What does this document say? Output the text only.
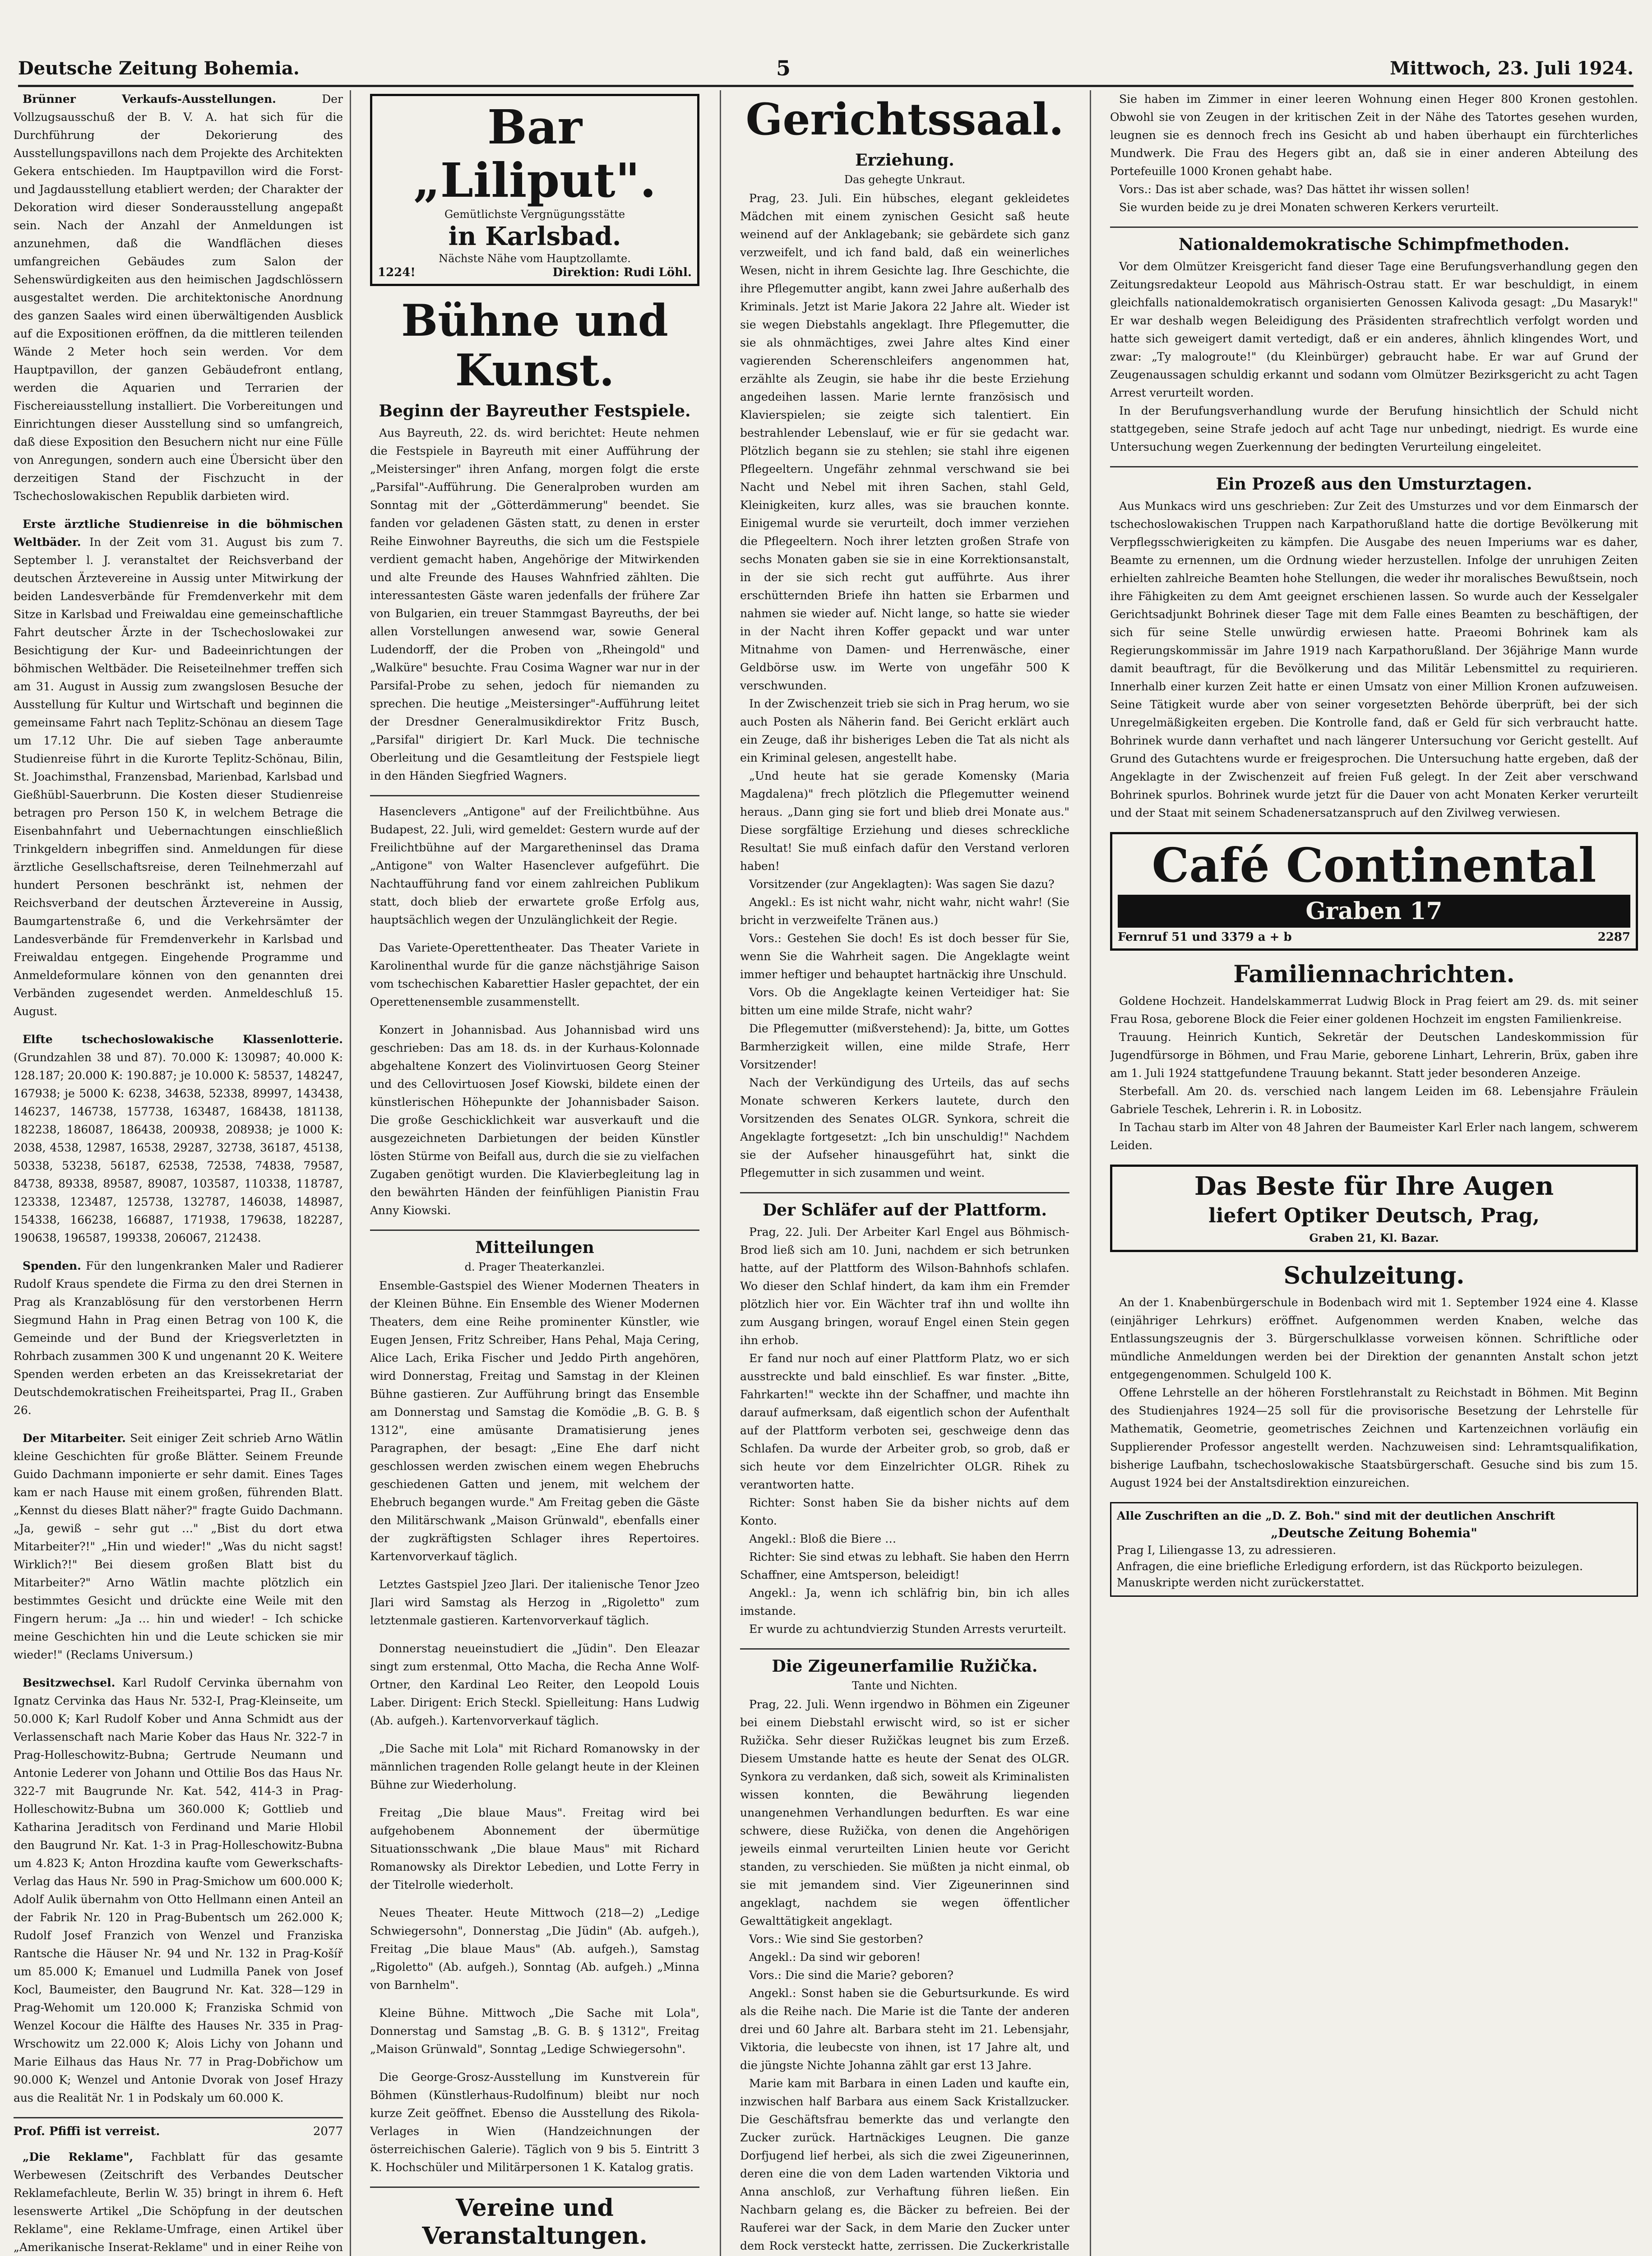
Deutsche Zeitung Bohemia.	5	Mittwoch, 23. Juli 1924.

Brünner Verkaufs-Ausstellungen.	Der Vollzugsausschuß der B. V. A. hat sich für die Durchführung der Dekorierung des Ausstellungspavillons nach dem Projekte des Architekten Gekera entschieden. Im Hauptpavillon wird die Forst- und Jagdausstellung etabliert werden; der Charakter der Dekoration wird dieser Sonderausstellung angepaßt sein. Nach der Anzahl der Anmeldungen ist anzunehmen, daß die Wandflächen dieses umfangreichen Gebäudes zum Salon der Sehenswürdigkeiten aus den heimischen Jagdschlössern ausgestaltet werden. Die architektonische Anordnung des ganzen Saales wird einen überwältigenden Ausblick auf die Expositionen eröffnen, da die mittleren teilenden Wände 2 Meter hoch sein werden. Vor dem Hauptpavillon, der ganzen Gebäudefront entlang, werden die Aquarien und Terrarien der Fischereiausstellung installiert. Die Vorbereitungen und Einrichtungen dieser Ausstellung sind so umfangreich, daß diese Exposition den Besuchern nicht nur eine Fülle von Anregungen, sondern auch eine Übersicht über den derzeitigen Stand der Fischzucht in der Tschechoslowakischen Republik darbieten wird.

Erste ärztliche Studienreise in die böhmischen Weltbäder. In der Zeit vom 31. August bis zum 7. September l. J. veranstaltet der Reichsverband der deutschen Ärztevereine in Aussig unter Mitwirkung der beiden Landesverbände für Fremdenverkehr mit dem Sitze in Karlsbad und Freiwaldau eine gemeinschaftliche Fahrt deutscher Ärzte in der Tschechoslowakei zur Besichtigung der Kur- und Badeeinrichtungen der böhmischen Weltbäder. Die Reiseteilnehmer treffen sich am 31. August in Aussig zum zwangslosen Besuche der Ausstellung für Kultur und Wirtschaft und beginnen die gemeinsame Fahrt nach Teplitz-Schönau an diesem Tage um 17.12 Uhr. Die auf sieben Tage anberaumte Studienreise führt in die Kurorte Teplitz-Schönau, Bilin, St. Joachimsthal, Franzensbad, Marienbad, Karlsbad und Gießhübl-Sauerbrunn. Die Kosten dieser Studienreise betragen pro Person 150 K, in welchem Betrage die Eisenbahnfahrt und Uebernachtungen einschließlich Trinkgeldern inbegriffen sind. Anmeldungen für diese ärztliche Gesellschaftsreise, deren Teilnehmerzahl auf hundert Personen beschränkt ist, nehmen der Reichsverband der deutschen Ärztevereine in Aussig, Baumgartenstraße 6, und die Verkehrsämter der Landesverbände für Fremdenverkehr in Karlsbad und Freiwaldau entgegen. Eingehende Programme und Anmeldeformulare können von den genannten drei Verbänden zugesendet werden. Anmeldeschluß 15. August.

Elfte tschechoslowakische Klassenlotterie. (Grundzahlen 38 und 87). 70.000 K: 130987; 40.000 K: 128.187; 20.000 K: 190.887; je 10.000 K: 58537, 148247, 167938; je 5000 K: 6238, 34638, 52338, 89997, 143438, 146237, 146738, 157738, 163487, 168438, 181138, 182238, 186087, 186438, 200938, 208938; je 1000 K: 2038, 4538, 12987, 16538, 29287, 32738, 36187, 45138, 50338, 53238, 56187, 62538, 72538, 74838, 79587, 84738, 89338, 89587, 89087, 103587, 110338, 118787, 123338, 123487, 125738, 132787, 146038, 148987, 154338, 166238, 166887, 171938, 179638, 182287, 190638, 196587, 199338, 206067, 212438.

Spenden. Für den lungenkranken Maler und Radierer Rudolf Kraus spendete die Firma zu den drei Sternen in Prag als Kranzablösung für den verstorbenen Herrn Siegmund Hahn in Prag einen Betrag von 100 K, die Gemeinde und der Bund der Kriegsverletzten in Rohrbach zusammen 300 K und ungenannt 20 K. Weitere Spenden werden erbeten an das Kreissekretariat der Deutschdemokratischen Freiheitspartei, Prag II., Graben 26.

Der Mitarbeiter. Seit einiger Zeit schrieb Arno Wätlin kleine Geschichten für große Blätter. Seinem Freunde Guido Dachmann imponierte er sehr damit. Eines Tages kam er nach Hause mit einem großen, führenden Blatt. „Kennst du dieses Blatt näher?" fragte Guido Dachmann. „Ja, gewiß – sehr gut …" „Bist du dort etwa Mitarbeiter?!" „Hin und wieder!" „Was du nicht sagst! Wirklich?!" Bei diesem großen Blatt bist du Mitarbeiter?" Arno Wätlin machte plötzlich ein bestimmtes Gesicht und drückte eine Weile mit den Fingern herum: „Ja … hin und wieder! – Ich schicke meine Geschichten hin und die Leute schicken sie mir wieder!" (Reclams Universum.)

Besitzwechsel. Karl Rudolf Cervinka übernahm von Ignatz Cervinka das Haus Nr. 532-I, Prag-Kleinseite, um 50.000 K; Karl Rudolf Kober und Anna Schmidt aus der Verlassenschaft nach Marie Kober das Haus Nr. 322-7 in Prag-Holleschowitz-Bubna; Gertrude Neumann und Antonie Lederer von Johann und Ottilie Bos das Haus Nr. 322-7 mit Baugrunde Nr. Kat. 542, 414-3 in Prag-Holleschowitz-Bubna um 360.000 K; Gottlieb und Katharina Jeraditsch von Ferdinand und Marie Hlobil den Baugrund Nr. Kat. 1-3 in Prag-Holleschowitz-Bubna um 4.823 K; Anton Hrozdina kaufte vom Gewerkschafts-Verlag das Haus Nr. 590 in Prag-Smichow um 600.000 K; Adolf Aulik übernahm von Otto Hellmann einen Anteil an der Fabrik Nr. 120 in Prag-Bubentsch um 262.000 K; Rudolf Josef Franzich von Wenzel und Franziska Rantsche die Häuser Nr. 94 und Nr. 132 in Prag-Košíř um 85.000 K; Emanuel und Ludmilla Panek von Josef Kocl, Baumeister, den Baugrund Nr. Kat. 328—129 in Prag-Wehomit um 120.000 K; Franziska Schmid von Wenzel Kocour die Hälfte des Hauses Nr. 335 in Prag-Wrschowitz um 22.000 K; Alois Lichy von Johann und Marie Eilhaus das Haus Nr. 77 in Prag-Dobřichow um 90.000 K; Wenzel und Antonie Dvorak von Josef Hrazy aus die Realität Nr. 1 in Podskaly um 60.000 K.

Prof. Pfiffi ist verreist.	2077

„Die Reklame", Fachblatt für das gesamte Werbewesen (Zeitschrift des Verbandes Deutscher Reklamefachleute, Berlin W. 35) bringt in ihrem 6. Heft lesenswerte Artikel „Die Schöpfung in der deutschen Reklame", eine Reklame-Umfrage, einen Artikel über „Amerikanische Inserat-Reklame" und in einer Reihe von

Bar „Liliput".
Gemütlichste Vergnügungsstätte
in Karlsbad.
Nächste Nähe vom Hauptzollamte.
1224!	Direktion: Rudi Löhl.
Bühne und Kunst.
Beginn der Bayreuther Festspiele.

Aus Bayreuth, 22. ds. wird berichtet: Heute nehmen die Festspiele in Bayreuth mit einer Aufführung der „Meistersinger" ihren Anfang, morgen folgt die erste „Parsifal"-Aufführung. Die Generalproben wurden am Sonntag mit der „Götterdämmerung" beendet. Sie fanden vor geladenen Gästen statt, zu denen in erster Reihe Einwohner Bayreuths, die sich um die Festspiele verdient gemacht haben, Angehörige der Mitwirkenden und alte Freunde des Hauses Wahnfried zählten. Die interessantesten Gäste waren jedenfalls der frühere Zar von Bulgarien, ein treuer Stammgast Bayreuths, der bei allen Vorstellungen anwesend war, sowie General Ludendorff, der die Proben von „Rheingold" und „Walküre" besuchte. Frau Cosima Wagner war nur in der Parsifal-Probe zu sehen, jedoch für niemanden zu sprechen. Die heutige „Meistersinger"-Aufführung leitet der Dresdner Generalmusikdirektor Fritz Busch, „Parsifal" dirigiert Dr. Karl Muck. Die technische Oberleitung und die Gesamtleitung der Festspiele liegt in den Händen Siegfried Wagners.

Hasenclevers „Antigone" auf der Freilichtbühne. Aus Budapest, 22. Juli, wird gemeldet: Gestern wurde auf der Freilichtbühne auf der Margaretheninsel das Drama „Antigone" von Walter Hasenclever aufgeführt. Die Nachtaufführung fand vor einem zahlreichen Publikum statt, doch blieb der erwartete große Erfolg aus, hauptsächlich wegen der Unzulänglichkeit der Regie.

Das Variete-Operettentheater. Das Theater Variete in Karolinenthal wurde für die ganze nächstjährige Saison vom tschechischen Kabarettier Hasler gepachtet, der ein Operettenensemble zusammenstellt.

Konzert in Johannisbad. Aus Johannisbad wird uns geschrieben: Das am 18. ds. in der Kurhaus-Kolonnade abgehaltene Konzert des Violinvirtuosen Georg Steiner und des Cellovirtuosen Josef Kiowski, bildete einen der künstlerischen Höhepunkte der Johannisbader Saison. Die große Geschicklichkeit war ausverkauft und die ausgezeichneten Darbietungen der beiden Künstler lösten Stürme von Beifall aus, durch die sie zu vielfachen Zugaben genötigt wurden. Die Klavierbegleitung lag in den bewährten Händen der feinfühligen Pianistin Frau Anny Kiowski.

Mitteilungen
d. Prager Theaterkanzlei.

Ensemble-Gastspiel des Wiener Modernen Theaters in der Kleinen Bühne. Ein Ensemble des Wiener Modernen Theaters, dem eine Reihe prominenter Künstler, wie Eugen Jensen, Fritz Schreiber, Hans Pehal, Maja Cering, Alice Lach, Erika Fischer und Jeddo Pirth angehören, wird Donnerstag, Freitag und Samstag in der Kleinen Bühne gastieren. Zur Aufführung bringt das Ensemble am Donnerstag und Samstag die Komödie „B. G. B. § 1312", eine amüsante Dramatisierung jenes Paragraphen, der besagt: „Eine Ehe darf nicht geschlossen werden zwischen einem wegen Ehebruchs geschiedenen Gatten und jenem, mit welchem der Ehebruch begangen wurde." Am Freitag geben die Gäste den Militärschwank „Maison Grünwald", ebenfalls einer der zugkräftigsten Schlager ihres Repertoires. Kartenvorverkauf täglich.

Letztes Gastspiel Jzeo Jlari. Der italienische Tenor Jzeo Jlari wird Samstag als Herzog in „Rigoletto" zum letztenmale gastieren. Kartenvorverkauf täglich.

Donnerstag neueinstudiert die „Jüdin". Den Eleazar singt zum erstenmal, Otto Macha, die Recha Anne Wolf-Ortner, den Kardinal Leo Reiter, den Leopold Louis Laber. Dirigent: Erich Steckl. Spielleitung: Hans Ludwig (Ab. aufgeh.). Kartenvorverkauf täglich.

„Die Sache mit Lola" mit Richard Romanowsky in der männlichen tragenden Rolle gelangt heute in der Kleinen Bühne zur Wiederholung.

Freitag „Die blaue Maus". Freitag wird bei aufgehobenem Abonnement der übermütige Situationsschwank „Die blaue Maus" mit Richard Romanowsky als Direktor Lebedien, und Lotte Ferry in der Titelrolle wiederholt.

Neues Theater. Heute Mittwoch (218—2) „Ledige Schwiegersohn", Donnerstag „Die Jüdin" (Ab. aufgeh.), Freitag „Die blaue Maus" (Ab. aufgeh.), Samstag „Rigoletto" (Ab. aufgeh.), Sonntag (Ab. aufgeh.) „Minna von Barnhelm".

Kleine Bühne. Mittwoch „Die Sache mit Lola", Donnerstag und Samstag „B. G. B. § 1312", Freitag „Maison Grünwald", Sonntag „Ledige Schwiegersohn".

Die George-Grosz-Ausstellung im Kunstverein für Böhmen (Künstlerhaus-Rudolfinum) bleibt nur noch kurze Zeit geöffnet. Ebenso die Ausstellung des Rikola-Verlages in Wien (Handzeichnungen der österreichischen Galerie). Täglich von 9 bis 5. Eintritt 3 K. Hochschüler und Militärpersonen 1 K. Katalog gratis.

Vereine und Veranstaltungen.

Gerichtssaal.
Erziehung.
Das gehegte Unkraut.

Prag, 23. Juli. Ein hübsches, elegant gekleidetes Mädchen mit einem zynischen Gesicht saß heute weinend auf der Anklagebank; sie gebärdete sich ganz verzweifelt, und ich fand bald, daß ein weinerliches Wesen, nicht in ihrem Gesichte lag. Ihre Geschichte, die ihre Pflegemutter angibt, kann zwei Jahre außerhalb des Kriminals. Jetzt ist Marie Jakora 22 Jahre alt. Wieder ist sie wegen Diebstahls angeklagt. Ihre Pflegemutter, die sie als ohnmächtiges, zwei Jahre altes Kind einer vagierenden Scherenschleifers angenommen hat, erzählte als Zeugin, sie habe ihr die beste Erziehung angedeihen lassen. Marie lernte französisch und Klavierspielen; sie zeigte sich talentiert. Ein bestrahlender Lebenslauf, wie er für sie gedacht war. Plötzlich begann sie zu stehlen; sie stahl ihre eigenen Pflegeeltern. Ungefähr zehnmal verschwand sie bei Nacht und Nebel mit ihren Sachen, stahl Geld, Kleinigkeiten, kurz alles, was sie brauchen konnte. Einigemal wurde sie verurteilt, doch immer verziehen die Pflegeeltern. Noch ihrer letzten großen Strafe von sechs Monaten gaben sie sie in eine Korrektionsanstalt, in der sie sich recht gut aufführte. Aus ihrer erschütternden Briefe ihn hatten sie Erbarmen und nahmen sie wieder auf. Nicht lange, so hatte sie wieder in der Nacht ihren Koffer gepackt und war unter Mitnahme von Damen- und Herrenwäsche, einer Geldbörse usw. im Werte von ungefähr 500 K verschwunden.

In der Zwischenzeit trieb sie sich in Prag herum, wo sie auch Posten als Näherin fand. Bei Gericht erklärt auch ein Zeuge, daß ihr bisheriges Leben die Tat als nicht als ein Kriminal gelesen, angestellt habe.

„Und heute hat sie gerade Komensky (Maria Magdalena)" frech plötzlich die Pflegemutter weinend heraus. „Dann ging sie fort und blieb drei Monate aus." Diese sorgfältige Erziehung und dieses schreckliche Resultat! Sie muß einfach dafür den Verstand verloren haben!

Vorsitzender (zur Angeklagten): Was sagen Sie dazu?

Angekl.: Es ist nicht wahr, nicht wahr, nicht wahr! (Sie bricht in verzweifelte Tränen aus.)

Vors.: Gestehen Sie doch! Es ist doch besser für Sie, wenn Sie die Wahrheit sagen. Die Angeklagte weint immer heftiger und behauptet hartnäckig ihre Unschuld.

Vors. Ob die Angeklagte keinen Verteidiger hat: Sie bitten um eine milde Strafe, nicht wahr?

Die Pflegemutter (mißverstehend): Ja, bitte, um Gottes Barmherzigkeit willen, eine milde Strafe, Herr Vorsitzender!

Nach der Verkündigung des Urteils, das auf sechs Monate schweren Kerkers lautete, durch den Vorsitzenden des Senates OLGR. Synkora, schreit die Angeklagte fortgesetzt: „Ich bin unschuldig!" Nachdem sie der Aufseher hinausgeführt hat, sinkt die Pflegemutter in sich zusammen und weint.

Der Schläfer auf der Plattform.

Prag, 22. Juli. Der Arbeiter Karl Engel aus Böhmisch-Brod ließ sich am 10. Juni, nachdem er sich betrunken hatte, auf der Plattform des Wilson-Bahnhofs schlafen. Wo dieser den Schlaf hindert, da kam ihm ein Fremder plötzlich hier vor. Ein Wächter traf ihn und wollte ihn zum Ausgang bringen, worauf Engel einen Stein gegen ihn erhob.

Er fand nur noch auf einer Plattform Platz, wo er sich ausstreckte und bald einschlief. Es war finster. „Bitte, Fahrkarten!" weckte ihn der Schaffner, und machte ihn darauf aufmerksam, daß eigentlich schon der Aufenthalt auf der Plattform verboten sei, geschweige denn das Schlafen. Da wurde der Arbeiter grob, so grob, daß er sich heute vor dem Einzelrichter OLGR. Rihek zu verantworten hatte.

Richter: Sonst haben Sie da bisher nichts auf dem Konto.

Angekl.: Bloß die Biere …

Richter: Sie sind etwas zu lebhaft. Sie haben den Herrn Schaffner, eine Amtsperson, beleidigt!

Angekl.: Ja, wenn ich schläfrig bin, bin ich alles imstande.

Er wurde zu achtundvierzig Stunden Arrests verurteilt.

Die Zigeunerfamilie Ružička.
Tante und Nichten.

Prag, 22. Juli. Wenn irgendwo in Böhmen ein Zigeuner bei einem Diebstahl erwischt wird, so ist er sicher Ružička. Sehr dieser Ružičkas leugnet bis zum Erzeß. Diesem Umstande hatte es heute der Senat des OLGR. Synkora zu verdanken, daß sich, soweit als Kriminalisten wissen konnten, die Bewährung liegenden unangenehmen Verhandlungen bedurften. Es war eine schwere, diese Ružička, von denen die Angehörigen jeweils einmal verurteilten Linien heute vor Gericht standen, zu verschieden. Sie müßten ja nicht einmal, ob sie mit jemandem sind. Vier Zigeunerinnen sind angeklagt, nachdem sie wegen öffentlicher Gewalttätigkeit angeklagt.

Vors.: Wie sind Sie gestorben?

Angekl.: Da sind wir geboren!

Vors.: Die sind die Marie? geboren?

Angekl.: Sonst haben sie die Geburtsurkunde. Es wird als die Reihe nach. Die Marie ist die Tante der anderen drei und 60 Jahre alt. Barbara steht im 21. Lebensjahr, Viktoria, die leubecste von ihnen, ist 17 Jahre alt, und die jüngste Nichte Johanna zählt gar erst 13 Jahre.

Marie kam mit Barbara in einen Laden und kaufte ein, inzwischen half Barbara aus einem Sack Kristallzucker. Die Geschäftsfrau bemerkte das und verlangte den Zucker zurück. Hartnäckiges Leugnen. Die ganze Dorfjugend lief herbei, als sich die zwei Zigeunerinnen, deren eine die von dem Laden wartenden Viktoria und Anna anschloß, zur Verhaftung führen ließen. Ein Nachbarn gelang es, die Bäcker zu befreien. Bei der Rauferei war der Sack, in dem Marie den Zucker unter dem Rock versteckt hatte, zerrissen. Die Zuckerkristalle

Sie haben im Zimmer in einer leeren Wohnung einen Heger 800 Kronen gestohlen. Obwohl sie von Zeugen in der kritischen Zeit in der Nähe des Tatortes gesehen wurden, leugnen sie es dennoch frech ins Gesicht ab und haben überhaupt ein fürchterliches Mundwerk. Die Frau des Hegers gibt an, daß sie in einer anderen Abteilung des Portefeuille 1000 Kronen gehabt habe.

Vors.: Das ist aber schade, was? Das hättet ihr wissen sollen!

Sie wurden beide zu je drei Monaten schweren Kerkers verurteilt.

Nationaldemokratische Schimpfmethoden.

Vor dem Olmützer Kreisgericht fand dieser Tage eine Berufungsverhandlung gegen den Zeitungsredakteur Leopold aus Mährisch-Ostrau statt. Er war beschuldigt, in einem gleichfalls nationaldemokratisch organisierten Genossen Kalivoda gesagt: „Du Masaryk!" Er war deshalb wegen Beleidigung des Präsidenten strafrechtlich verfolgt worden und hatte sich geweigert damit vertedigt, daß er ein anderes, ähnlich klingendes Wort, und zwar: „Ty malogroute!" (du Kleinbürger) gebraucht habe. Er war auf Grund der Zeugenaussagen schuldig erkannt und sodann vom Olmützer Bezirksgericht zu acht Tagen Arrest verurteilt worden.

In der Berufungsverhandlung wurde der Berufung hinsichtlich der Schuld nicht stattgegeben, seine Strafe jedoch auf acht Tage nur unbedingt, niedrigt. Es wurde eine Untersuchung wegen Zuerkennung der bedingten Verurteilung eingeleitet.

Ein Prozeß aus den Umsturztagen.

Aus Munkacs wird uns geschrieben: Zur Zeit des Umsturzes und vor dem Einmarsch der tschechoslowakischen Truppen nach Karpathorußland hatte die dortige Bevölkerung mit Verpflegsschwierigkeiten zu kämpfen. Die Ausgabe des neuen Imperiums war es daher, Beamte zu ernennen, um die Ordnung wieder herzustellen. Infolge der unruhigen Zeiten erhielten zahlreiche Beamten hohe Stellungen, die weder ihr moralisches Bewußtsein, noch ihre Fähigkeiten zu dem Amt geeignet erschienen lassen. So wurde auch der Kesselgaler Gerichtsadjunkt Bohrinek dieser Tage mit dem Falle eines Beamten zu beschäftigen, der sich für seine Stelle unwürdig erwiesen hatte. Praeomi Bohrinek kam als Regierungskommissär im Jahre 1919 nach Karpathorußland. Der 36jährige Mann wurde damit beauftragt, für die Bevölkerung und das Militär Lebensmittel zu requirieren. Innerhalb einer kurzen Zeit hatte er einen Umsatz von einer Million Kronen aufzuweisen. Seine Tätigkeit wurde aber von seiner vorgesetzten Behörde überprüft, bei der sich Unregelmäßigkeiten ergeben. Die Kontrolle fand, daß er Geld für sich verbraucht hatte. Bohrinek wurde dann verhaftet und nach längerer Untersuchung vor Gericht gestellt. Auf Grund des Gutachtens wurde er freigesprochen. Die Untersuchung hatte ergeben, daß der Angeklagte in der Zwischenzeit auf freien Fuß gelegt. In der Zeit aber verschwand Bohrinek spurlos. Bohrinek wurde jetzt für die Dauer von acht Monaten Kerker verurteilt und der Staat mit seinem Schadenersatzanspruch auf den Zivilweg verwiesen.

Café Continental
Graben 17
Fernruf 51 und 3379 a + b	2287
Familiennachrichten.

Goldene Hochzeit. Handelskammerrat Ludwig Block in Prag feiert am 29. ds. mit seiner Frau Rosa, geborene Block die Feier einer goldenen Hochzeit im engsten Familienkreise.

Trauung. Heinrich Kuntich, Sekretär der Deutschen Landeskommission für Jugendfürsorge in Böhmen, und Frau Marie, geborene Linhart, Lehrerin, Brüx, gaben ihre am 1. Juli 1924 stattgefundene Trauung bekannt. Statt jeder besonderen Anzeige.

Sterbefall. Am 20. ds. verschied nach langem Leiden im 68. Lebensjahre Fräulein Gabriele Teschek, Lehrerin i. R. in Lobositz.

In Tachau starb im Alter von 48 Jahren der Baumeister Karl Erler nach langem, schwerem Leiden.

Das Beste für Ihre Augen
liefert Optiker Deutsch, Prag,
Graben 21, Kl. Bazar.
Schulzeitung.

An der 1. Knabenbürgerschule in Bodenbach wird mit 1. September 1924 eine 4. Klasse (einjähriger Lehrkurs) eröffnet. Aufgenommen werden Knaben, welche das Entlassungszeugnis der 3. Bürgerschulklasse vorweisen können. Schriftliche oder mündliche Anmeldungen werden bei der Direktion der genannten Anstalt schon jetzt entgegengenommen. Schulgeld 100 K.

Offene Lehrstelle an der höheren Forstlehranstalt zu Reichstadt in Böhmen. Mit Beginn des Studienjahres 1924—25 soll für die provisorische Besetzung der Lehrstelle für Mathematik, Geometrie, geometrisches Zeichnen und Kartenzeichnen vorläufig ein Supplierender Professor angestellt werden. Nachzuweisen sind: Lehramtsqualifikation, bisherige Laufbahn, tschechoslowakische Staatsbürgerschaft. Gesuche sind bis zum 15. August 1924 bei der Anstaltsdirektion einzureichen.

Alle Zuschriften an die „D. Z. Boh." sind mit der deutlichen Anschrift

„Deutsche Zeitung Bohemia"

Prag I, Liliengasse 13, zu adressieren.

Anfragen, die eine briefliche Erledigung erfordern, ist das Rückporto beizulegen.

Manuskripte werden nicht zurückerstattet.
